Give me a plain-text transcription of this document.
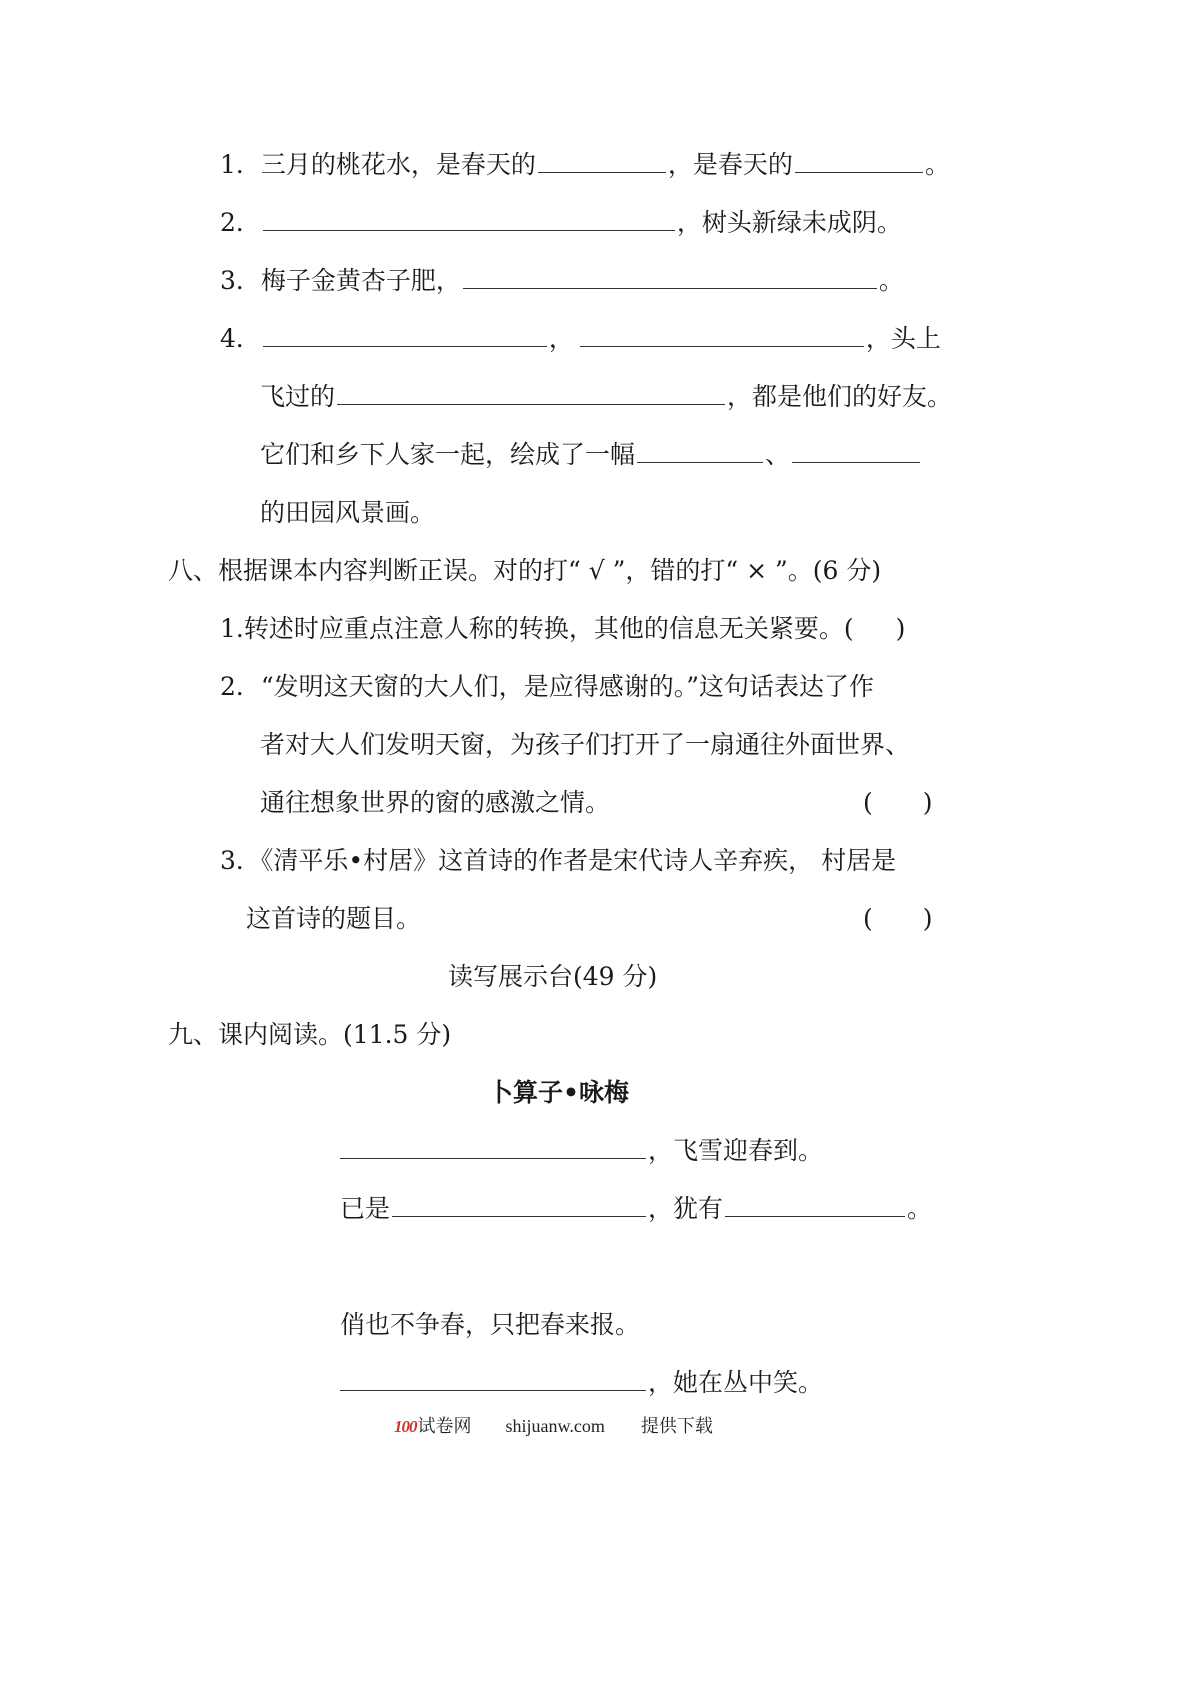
1．三月的桃花水，是春天的	，是春天的	。
2．	，树头新绿未成阴。
3．梅子金黄杏子肥，	。
4．	，	，头上
飞过的	，都是他们的好友。
它们和乡下人家一起，绘成了一幅	、
的田园风景画。
八、根据课本内容判断正误。对的打“ √ ”，错的打“ × ”。(6 分)
1.转述时应重点注意人称的转换，其他的信息无关紧要。( )
2．“发明这天窗的大人们，是应得感谢的。”这句话表达了作
者对大人们发明天窗，为孩子们打开了一扇通往外面世界、
通往想象世界的窗的感激之情。	( )
3．《清平乐•村居》这首诗的作者是宋代诗人辛弃疾， 村居是
这首诗的题目。	( )
读写展示台(49 分)
九、课内阅读。(11.5 分)
卜算子•咏梅
，飞雪迎春到。
已是	，犹有	。
俏也不争春，只把春来报。
，她在丛中笑。
100 试卷网 shijuanw.com 提供下载
